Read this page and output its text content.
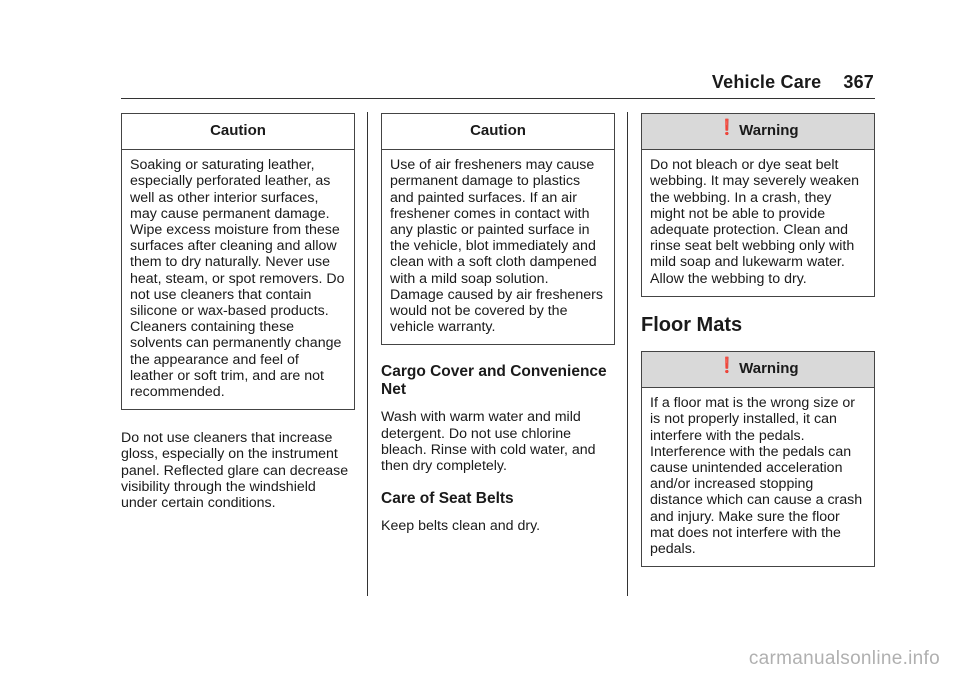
Vehicle Care 367
Caution
Soaking or saturating leather, especially perforated leather, as well as other interior surfaces, may cause permanent damage. Wipe excess moisture from these surfaces after cleaning and allow them to dry naturally. Never use heat, steam, or spot removers. Do not use cleaners that contain silicone or wax-based products. Cleaners containing these solvents can permanently change the appearance and feel of leather or soft trim, and are not recommended.
Do not use cleaners that increase gloss, especially on the instrument panel. Reflected glare can decrease visibility through the windshield under certain conditions.
Caution
Use of air fresheners may cause permanent damage to plastics and painted surfaces. If an air freshener comes in contact with any plastic or painted surface in the vehicle, blot immediately and clean with a soft cloth dampened with a mild soap solution. Damage caused by air fresheners would not be covered by the vehicle warranty.
Cargo Cover and Convenience Net
Wash with warm water and mild detergent. Do not use chlorine bleach. Rinse with cold water, and then dry completely.
Care of Seat Belts
Keep belts clean and dry.
❗ Warning
Do not bleach or dye seat belt webbing. It may severely weaken the webbing. In a crash, they might not be able to provide adequate protection. Clean and rinse seat belt webbing only with mild soap and lukewarm water. Allow the webbing to dry.
Floor Mats
❗ Warning
If a floor mat is the wrong size or is not properly installed, it can interfere with the pedals. Interference with the pedals can cause unintended acceleration and/or increased stopping distance which can cause a crash and injury. Make sure the floor mat does not interfere with the pedals.
carmanualsonline.info
